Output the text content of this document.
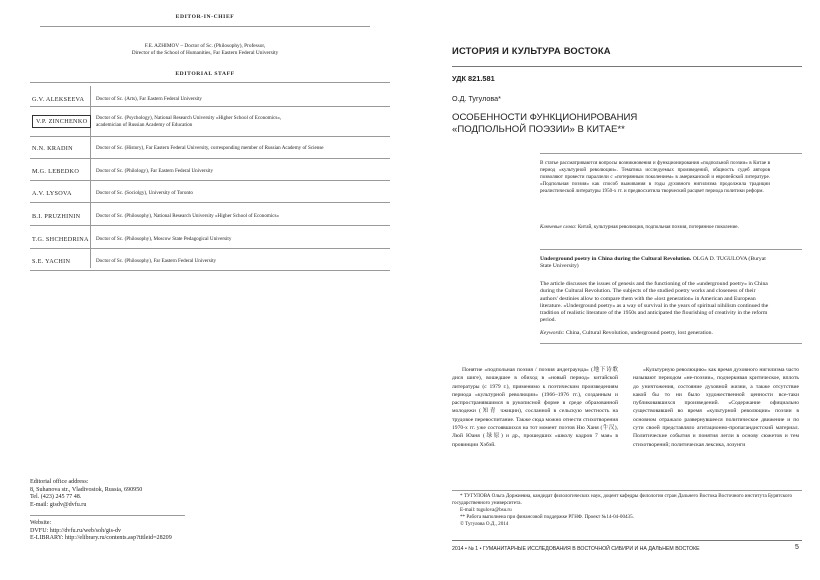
EDITOR-IN-CHIEF
F.E. AZHIMOV – Doctor of Sc. (Philosophy), Professor,
Director of the School of Humanities, Far Eastern Federal University
EDITORIAL STAFF
G.V. ALEKSEEVA Doctor of Sc. (Arts), Far Eastern Federal University
V.P. ZINCHENKO	Doctor of Sc. (Psychology), National Research University «Higher School of Economics»,
academician of Russian Academy of Education
N.N. KRADIN	Doctor of Sc. (History), Far Eastern Federal University, corresponding member of Russian Academy of Sciense
M.G. LEBEDKO	Doctor of Sc. (Philology), Far Eastern Federal University
A.V. LYSOVA	Doctor of Sc. (Sociolgy), University of Toronto
B.I. PRUZHININ	Doctor of Sc. (Philosophy), National Research University «Higher School of Economics»
T.G. SHCHEDRINA Doctor of Sc. (Philosophy), Moscow State Pedagogical University
S.E. YACHIN	Doctor of Sc. (Philosophy), Far Eastern Federal University
Editorial office address:
8, Suhanova str., Vladivostok, Russia, 690950
Tel. (423) 245 77 48.
E-mail: gisdv@dvfu.ru
Website:
DVFU: http://dvfu.ru/web/soh/gis-dv
E-LIBRARY: http://elibrary.ru/contents.asp?titleid=28209
ИСТОРИЯ И КУЛЬТУРА ВОСТОКА
УДК 821.581
О.Д. Тугулова*
ОСОБЕННОСТИ ФУНКЦИОНИРОВАНИЯ
«ПОДПОЛЬНОЙ ПОЭЗИИ» В КИТАЕ**
В статье рассматриваются вопросы возникновения и функционирования «подпольной поэзии» в Китае в период «культурной революции». Тематика исследуемых произведений, общность судеб авторов позволяют провести параллели с «потерянным поколением» в американской и европейской литературе. «Подпольная поэзия» как способ выживания в годы духовного нигилизма продолжила традиции реалистической литературы 1950-х гг. и предвосхитила творческий расцвет периода политики реформ.
Ключевые слова: Китай, культурная революция, подпольная поэзия, потерянное поколение.
Underground poetry in China during the Cultural Revolution. OLGA D. TUGULOVA (Buryat State University)
The article discusses the issues of genesis and the functioning of the «underground poetry» in China during the Cultural Revolution. The subjects of the studied poetry works and closeness of their authors' destinies allow to compare them with the «lost generation» in American and European literature. «Underground poetry» as a way of survival in the years of spiritual nihilism continued the tradition of realistic literature of the 1950s and anticipated the flourishing of creativity in the reform period.
Keywords: China, Cultural Revolution, underground poetry, lost generation.
Понятие «подпольная поэзия / поэзия андеграунда» (地下诗歌 дися шиге), вошедшее в обиход в «новый период» китайской литературы (с 1979 г.), применимо к поэтическим произведениям периода «культурной революции» (1966–1976 гг.), созданным и распространявшимся в рукописной форме в среде образованной молодежи (知青 чжицин), сосланной в сельскую местность на трудовое перевоспитание. Также сюда можно отнести стихотворения 1970-х гг. уже состоявшихся на тот момент поэтов Ню Ханя (牛汉), Люй Юаня (绿原) и др., прошедших «школу кадров 7 мая» в провинции Хэбэй.
«Культурную революцию» как время духовного нигилизма часто называют периодом «не-поэзии», подчеркивая критическое, вплоть до уничтожения, состояние духовной жизни, а также отсутствие какой бы то ни было художественной ценности все-таки публиковавшихся произведений. «Содержание официально существовавшей во время «культурной революции» поэзии в основном отражало развернувшееся политическое движение и по сути своей представляло агитационно-пропагандистский материал. Политические события и понятия легли в основу сюжетов и тем стихотворений; политическая лексика, лозунги
* ТУГУЛОВА Ольга Доржиевна, кандидат филологических наук, доцент кафедры филологии стран Дальнего Востока Восточного института Бурятского государственного университета.
E-mail: tugulova@bsu.ru
** Работа выполнена при финансовой поддержке РГНФ. Проект №14-04-00435.
© Тугулова О.Д., 2014
2014 • № 1 • ГУМАНИТАРНЫЕ ИССЛЕДОВАНИЯ В ВОСТОЧНОЙ СИБИРИ И НА ДАЛЬНЕМ ВОСТОКЕ	5
